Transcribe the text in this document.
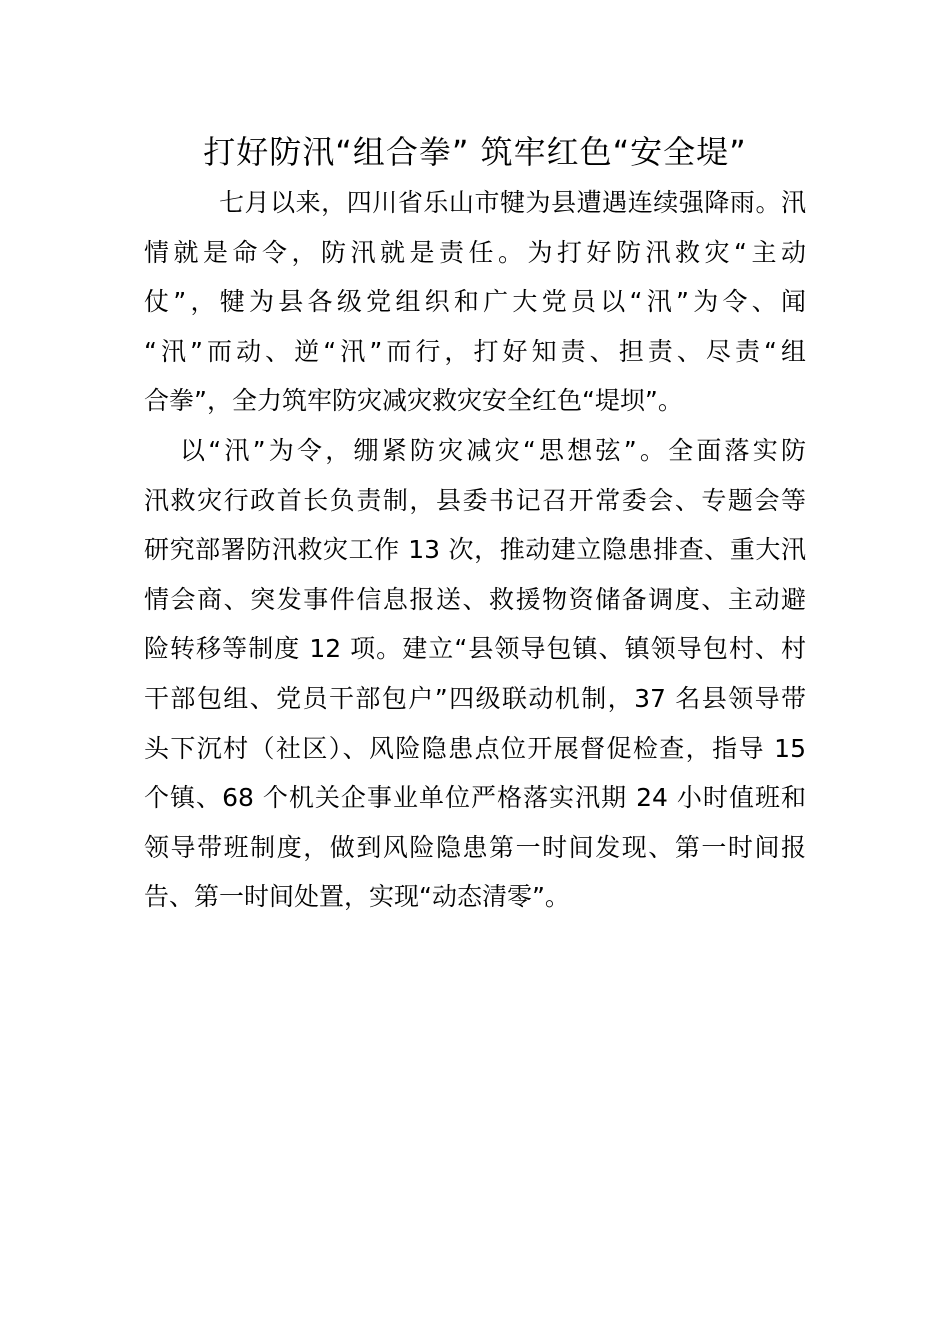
打好防汛“组合拳” 筑牢红色“安全堤”
七月以来，四川省乐山市犍为县遭遇连续强降雨。汛
情就是命令，防汛就是责任。为打好防汛救灾“主动
仗”，犍为县各级党组织和广大党员以“汛”为令、闻
“汛”而动、逆“汛”而行，打好知责、担责、尽责“组
合拳”，全力筑牢防灾减灾救灾安全红色“堤坝”。
以“汛”为令，绷紧防灾减灾“思想弦”。全面落实防
汛救灾行政首长负责制，县委书记召开常委会、专题会等
研究部署防汛救灾工作 13 次，推动建立隐患排查、重大汛
情会商、突发事件信息报送、救援物资储备调度、主动避
险转移等制度 12 项。建立“县领导包镇、镇领导包村、村
干部包组、党员干部包户”四级联动机制，37 名县领导带
头下沉村（社区）、风险隐患点位开展督促检查，指导 15
个镇、68 个机关企事业单位严格落实汛期 24 小时值班和
领导带班制度，做到风险隐患第一时间发现、第一时间报
告、第一时间处置，实现“动态清零”。
